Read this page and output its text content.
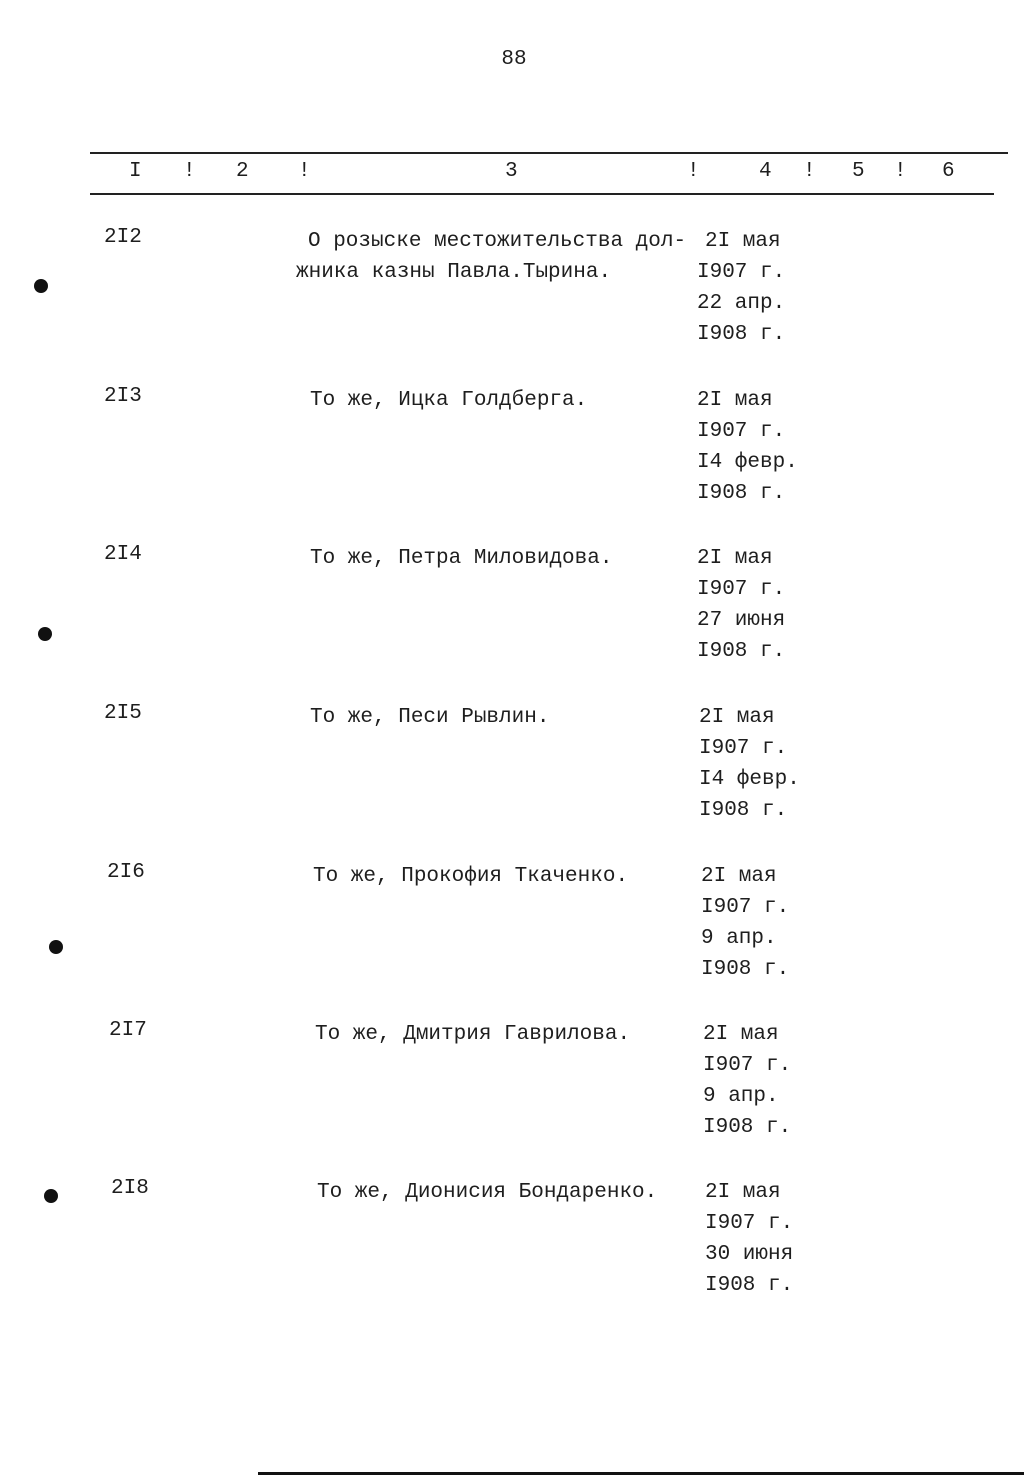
88
I ! 2 !	3	!	4 ! 5 ! 6
2I2	О розыске местожительства дол-
жника казны Павла.Тырина.
2I мая
I907 г.
22 апр.
I908 г.
2I3	То же, Ицка Голдберга.	2I мая
I907 г.
I4 февр.
I908 г.
2I4	То же, Петра Миловидова.	2I мая
I907 г.
27 июня
I908 г.
2I5	То же, Песи Рывлин.	2I мая
I907 г.
I4 февр.
I908 г.
2I6	То же, Прокофия Ткаченко.	2I мая
I907 г.
9 апр.
I908 г.
2I7	То же, Дмитрия Гаврилова.	2I мая
I907 г.
9 апр.
I908 г.
2I8	То же, Дионисия Бондаренко. 2I мая
I907 г.
30 июня
I908 г.
